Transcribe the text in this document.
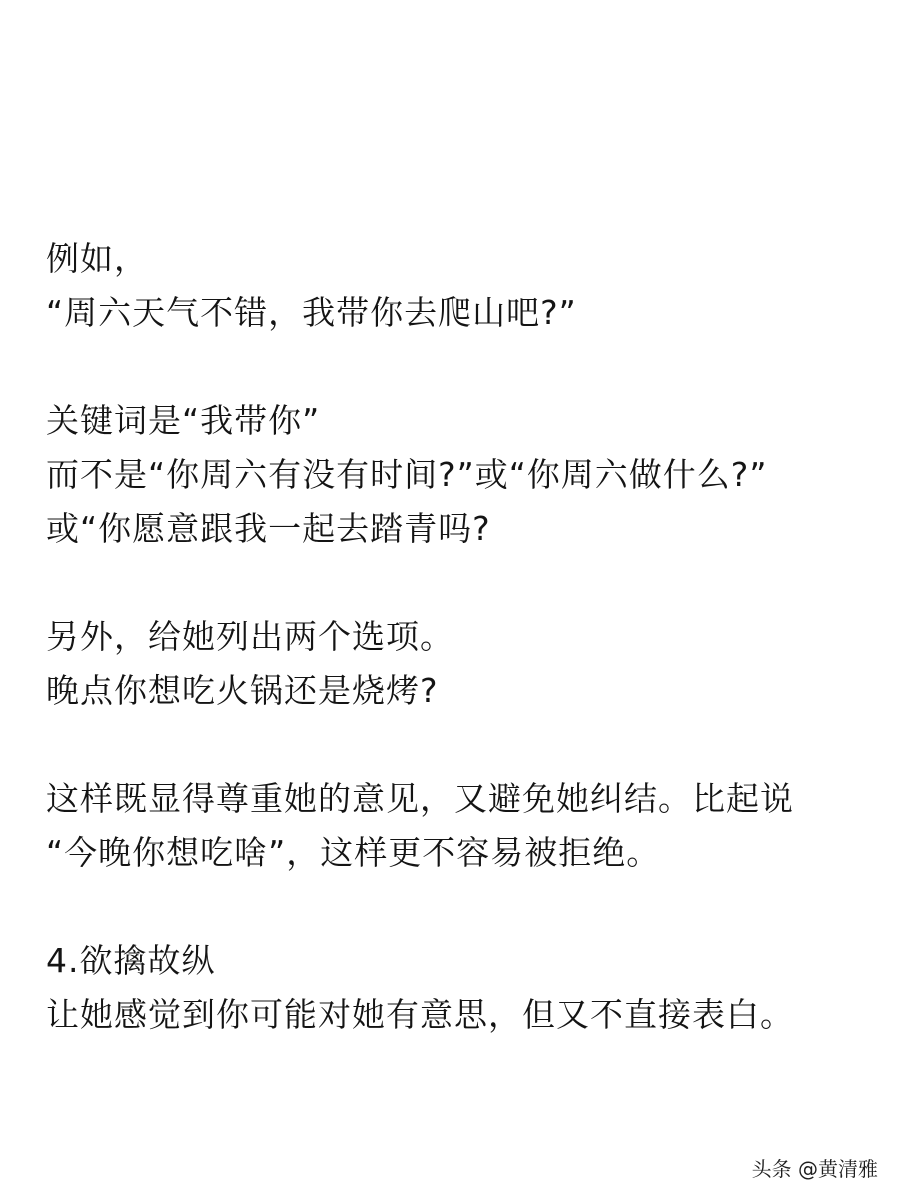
例如，
“周六天气不错，我带你去爬山吧?”
关键词是“我带你”
而不是“你周六有没有时间?”或“你周六做什么?”
或“你愿意跟我一起去踏青吗?
另外，给她列出两个选项。
晚点你想吃火锅还是烧烤?
这样既显得尊重她的意见，又避免她纠结。比起说
“今晚你想吃啥”，这样更不容易被拒绝。
4.欲擒故纵
让她感觉到你可能对她有意思，但又不直接表白。
头条 @黄清雅
